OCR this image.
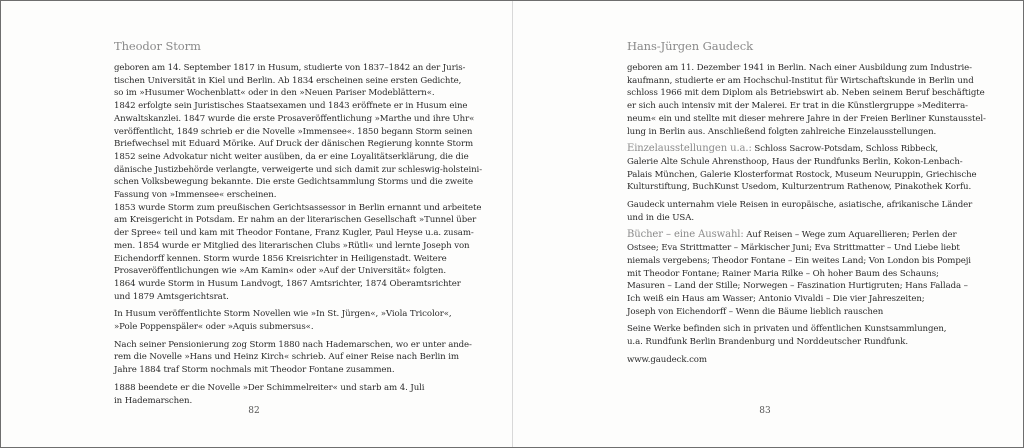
Theodor Storm
geboren am 14. September 1817 in Husum, studierte von 1837–1842 an der Juris-
tischen Universität in Kiel und Berlin. Ab 1834 erscheinen seine ersten Gedichte,
so im »Husumer Wochenblatt« oder in den »Neuen Pariser Modeblättern«.
1842 erfolgte sein Juristisches Staatsexamen und 1843 eröffnete er in Husum eine
Anwaltskanzlei. 1847 wurde die erste Prosaveröffentlichung »Marthe und ihre Uhr«
veröffentlicht, 1849 schrieb er die Novelle »Immensee«. 1850 begann Storm seinen
Briefwechsel mit Eduard Mörike. Auf Druck der dänischen Regierung konnte Storm
1852 seine Advokatur nicht weiter ausüben, da er eine Loyalitätserklärung, die die
dänische Justizbehörde verlangte, verweigerte und sich damit zur schleswig-holsteini-
schen Volksbewegung bekannte. Die erste Gedichtsammlung Storms und die zweite
Fassung von »Immensee« erscheinen.
1853 wurde Storm zum preußischen Gerichtsassessor in Berlin ernannt und arbeitete
am Kreisgericht in Potsdam. Er nahm an der literarischen Gesellschaft »Tunnel über
der Spree« teil und kam mit Theodor Fontane, Franz Kugler, Paul Heyse u.a. zusam-
men. 1854 wurde er Mitglied des literarischen Clubs »Rütli« und lernte Joseph von
Eichendorff kennen. Storm wurde 1856 Kreisrichter in Heiligenstadt. Weitere
Prosaveröffentlichungen wie »Am Kamin« oder »Auf der Universität« folgten.
1864 wurde Storm in Husum Landvogt, 1867 Amtsrichter, 1874 Oberamtsrichter
und 1879 Amtsgerichtsrat.
In Husum veröffentlichte Storm Novellen wie »In St. Jürgen«, »Viola Tricolor«,
»Pole Poppenspäler« oder »Aquis submersus«.
Nach seiner Pensionierung zog Storm 1880 nach Hademarschen, wo er unter ande-
rem die Novelle »Hans und Heinz Kirch« schrieb. Auf einer Reise nach Berlin im
Jahre 1884 traf Storm nochmals mit Theodor Fontane zusammen.
1888 beendete er die Novelle »Der Schimmelreiter« und starb am 4. Juli
in Hademarschen.
82
Hans-Jürgen Gaudeck
geboren am 11. Dezember 1941 in Berlin. Nach einer Ausbildung zum Industrie-
kaufmann, studierte er am Hochschul-Institut für Wirtschaftskunde in Berlin und
schloss 1966 mit dem Diplom als Betriebswirt ab. Neben seinem Beruf beschäftigte
er sich auch intensiv mit der Malerei. Er trat in die Künstlergruppe »Mediterra-
neum« ein und stellte mit dieser mehrere Jahre in der Freien Berliner Kunstausstel-
lung in Berlin aus. Anschließend folgten zahlreiche Einzelausstellungen.
Einzelausstellungen u.a.: Schloss Sacrow-Potsdam, Schloss Ribbeck,
Galerie Alte Schule Ahrensthoop, Haus der Rundfunks Berlin, Kokon-Lenbach-
Palais München, Galerie Klosterformat Rostock, Museum Neuruppin, Griechische
Kulturstiftung, BuchKunst Usedom, Kulturzentrum Rathenow, Pinakothek Korfu.
Gaudeck unternahm viele Reisen in europäische, asiatische, afrikanische Länder
und in die USA.
Bücher – eine Auswahl: Auf Reisen – Wege zum Aquarellieren; Perlen der
Ostsee; Eva Strittmatter – Märkischer Juni; Eva Strittmatter – Und Liebe liebt
niemals vergebens; Theodor Fontane – Ein weites Land; Von London bis Pompeji
mit Theodor Fontane; Rainer Maria Rilke – Oh hoher Baum des Schauns;
Masuren – Land der Stille; Norwegen – Faszination Hurtigruten; Hans Fallada –
Ich weiß ein Haus am Wasser; Antonio Vivaldi – Die vier Jahreszeiten;
Joseph von Eichendorff – Wenn die Bäume lieblich rauschen
Seine Werke befinden sich in privaten und öffentlichen Kunstsammlungen,
u.a. Rundfunk Berlin Brandenburg und Norddeutscher Rundfunk.
www.gaudeck.com
83
